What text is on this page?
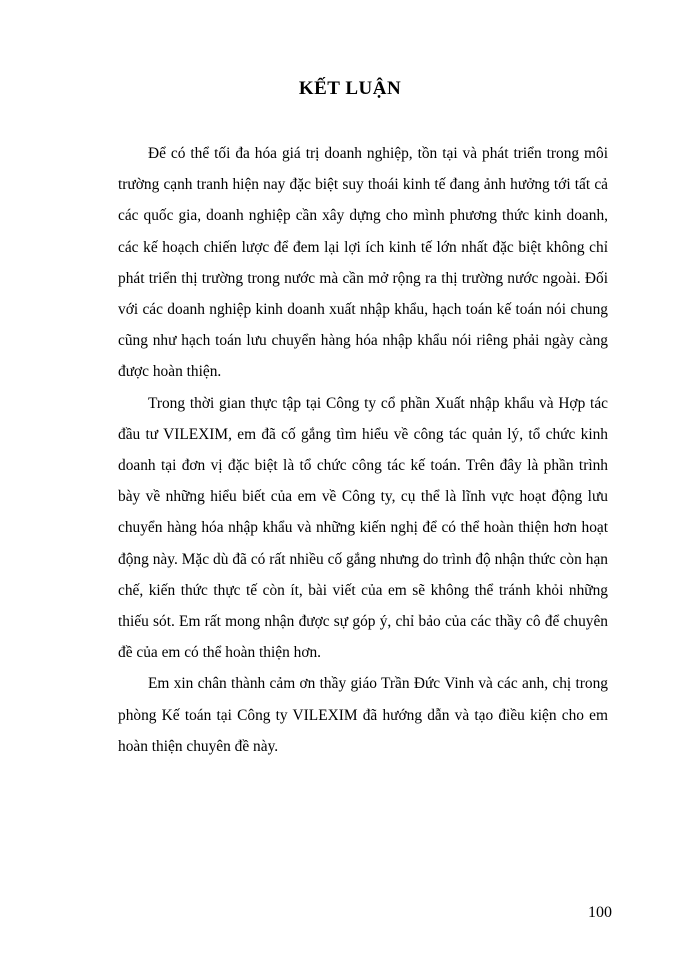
KẾT LUẬN

Để có thể tối đa hóa giá trị doanh nghiệp, tồn tại và phát triển trong môi trường cạnh tranh hiện nay đặc biệt suy thoái kinh tế đang ảnh hưởng tới tất cả các quốc gia, doanh nghiệp cần xây dựng cho mình phương thức kinh doanh, các kế hoạch chiến lược để đem lại lợi ích kinh tế lớn nhất đặc biệt không chỉ phát triển thị trường trong nước mà cần mở rộng ra thị trường nước ngoài. Đối với các doanh nghiệp kinh doanh xuất nhập khẩu, hạch toán kế toán nói chung cũng như hạch toán lưu chuyển hàng hóa nhập khẩu nói riêng phải ngày càng được hoàn thiện.

Trong thời gian thực tập tại Công ty cổ phần Xuất nhập khẩu và Hợp tác đầu tư VILEXIM, em đã cố gắng tìm hiểu về công tác quản lý, tổ chức kinh doanh tại đơn vị đặc biệt là tổ chức công tác kế toán. Trên đây là phần trình bày về những hiểu biết của em về Công ty, cụ thể là lĩnh vực hoạt động lưu chuyển hàng hóa nhập khẩu và những kiến nghị để có thể hoàn thiện hơn hoạt động này. Mặc dù đã có rất nhiều cố gắng nhưng do trình độ nhận thức còn hạn chế, kiến thức thực tế còn ít, bài viết của em sẽ không thể tránh khỏi những thiếu sót. Em rất mong nhận được sự góp ý, chỉ bảo của các thầy cô để chuyên đề của em có thể hoàn thiện hơn.

Em xin chân thành cảm ơn thầy giáo Trần Đức Vinh và các anh, chị trong phòng Kế toán tại Công ty VILEXIM đã hướng dẫn và tạo điều kiện cho em hoàn thiện chuyên đề này.

100
